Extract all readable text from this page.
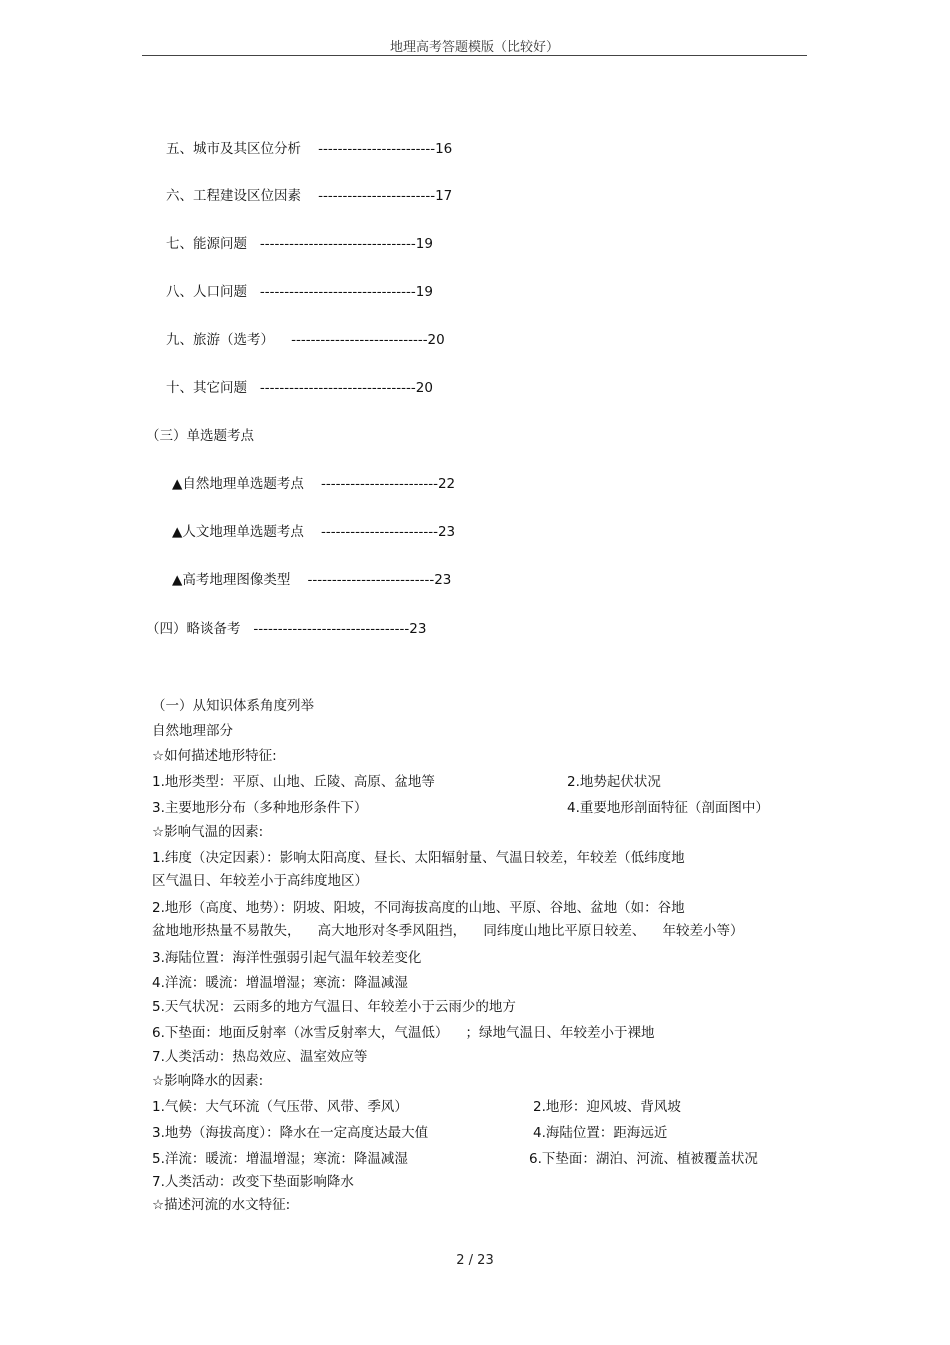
地理高考答题模版（比较好）
五、城市及其区位分析    ------------------------16
六、工程建设区位因素    ------------------------17
七、能源问题   --------------------------------19
八、人口问题   --------------------------------19
九、旅游（选考）    ----------------------------20
十、其它问题   --------------------------------20
（三）单选题考点
▲自然地理单选题考点    ------------------------22
▲人文地理单选题考点    ------------------------23
▲高考地理图像类型    --------------------------23
（四）略谈备考   --------------------------------23
（一）从知识体系角度列举
自然地理部分
☆如何描述地形特征:
1.地形类型：平原、山地、丘陵、高原、盆地等	2.地势起伏状况
3.主要地形分布（多种地形条件下）	4.重要地形剖面特征（剖面图中）
☆影响气温的因素:
1.纬度（决定因素）：影响太阳高度、昼长、太阳辐射量、气温日较差，年较差（低纬度地
区气温日、年较差小于高纬度地区）
2.地形（高度、地势）：阴坡、阳坡，不同海拔高度的山地、平原、谷地、盆地（如：谷地
盆地地形热量不易散失，    高大地形对冬季风阻挡，    同纬度山地比平原日较差、    年较差小等）
3.海陆位置：海洋性强弱引起气温年较差变化
4.洋流：暖流：增温增湿；寒流：降温减湿
5.天气状况：云雨多的地方气温日、年较差小于云雨少的地方
6.下垫面：地面反射率（冰雪反射率大，气温低）    ；绿地气温日、年较差小于裸地
7.人类活动：热岛效应、温室效应等
☆影响降水的因素:
1.气候：大气环流（气压带、风带、季风）	2.地形：迎风坡、背风坡
3.地势（海拔高度）：降水在一定高度达最大值	4.海陆位置：距海远近
5.洋流：暖流：增温增湿；寒流：降温减湿	6.下垫面：湖泊、河流、植被覆盖状况
7.人类活动：改变下垫面影响降水
☆描述河流的水文特征:
2 / 23
